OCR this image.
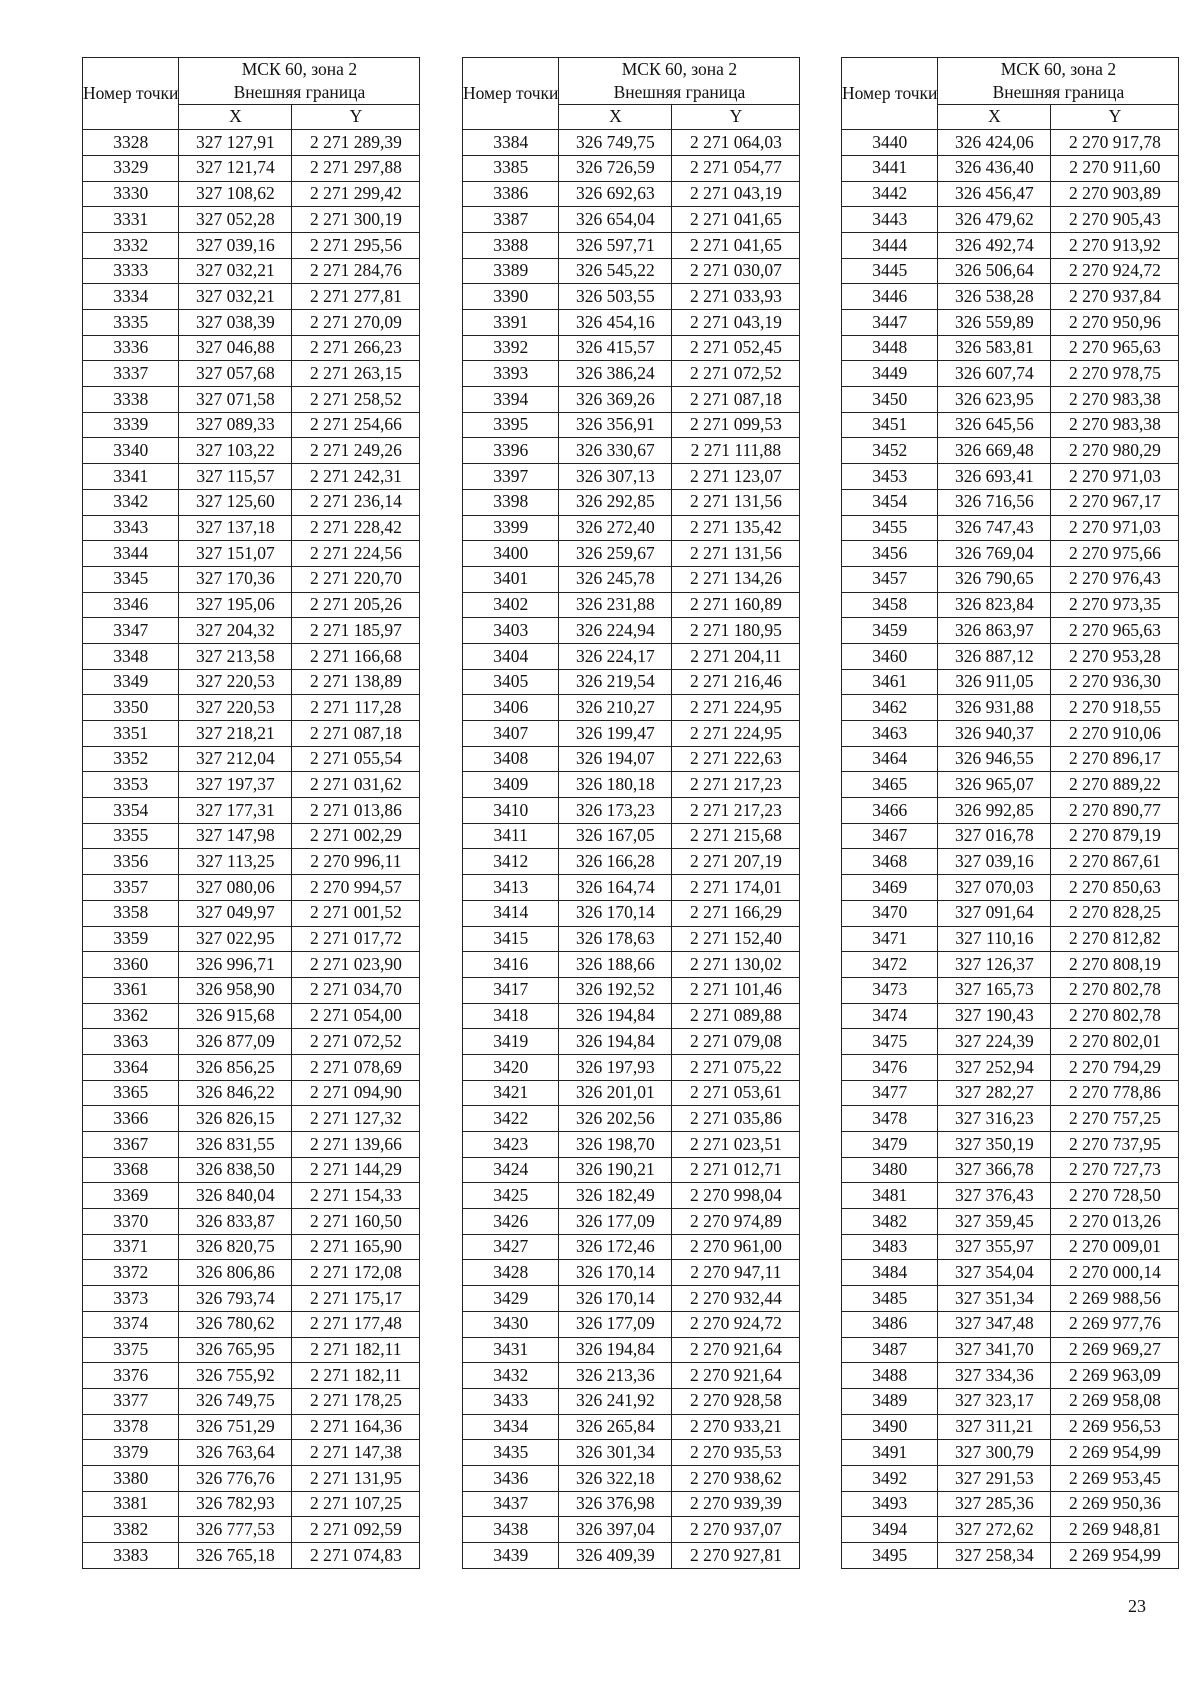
Номер точки	МСК 60, зона 2
Внешняя граница	
	X	Y
3328	327 127,91	2 271 289,39
3329	327 121,74	2 271 297,88
3330	327 108,62	2 271 299,42
3331	327 052,28	2 271 300,19
3332	327 039,16	2 271 295,56
3333	327 032,21	2 271 284,76
3334	327 032,21	2 271 277,81
3335	327 038,39	2 271 270,09
3336	327 046,88	2 271 266,23
3337	327 057,68	2 271 263,15
3338	327 071,58	2 271 258,52
3339	327 089,33	2 271 254,66
3340	327 103,22	2 271 249,26
3341	327 115,57	2 271 242,31
3342	327 125,60	2 271 236,14
3343	327 137,18	2 271 228,42
3344	327 151,07	2 271 224,56
3345	327 170,36	2 271 220,70
3346	327 195,06	2 271 205,26
3347	327 204,32	2 271 185,97
3348	327 213,58	2 271 166,68
3349	327 220,53	2 271 138,89
3350	327 220,53	2 271 117,28
3351	327 218,21	2 271 087,18
3352	327 212,04	2 271 055,54
3353	327 197,37	2 271 031,62
3354	327 177,31	2 271 013,86
3355	327 147,98	2 271 002,29
3356	327 113,25	2 270 996,11
3357	327 080,06	2 270 994,57
3358	327 049,97	2 271 001,52
3359	327 022,95	2 271 017,72
3360	326 996,71	2 271 023,90
3361	326 958,90	2 271 034,70
3362	326 915,68	2 271 054,00
3363	326 877,09	2 271 072,52
3364	326 856,25	2 271 078,69
3365	326 846,22	2 271 094,90
3366	326 826,15	2 271 127,32
3367	326 831,55	2 271 139,66
3368	326 838,50	2 271 144,29
3369	326 840,04	2 271 154,33
3370	326 833,87	2 271 160,50
3371	326 820,75	2 271 165,90
3372	326 806,86	2 271 172,08
3373	326 793,74	2 271 175,17
3374	326 780,62	2 271 177,48
3375	326 765,95	2 271 182,11
3376	326 755,92	2 271 182,11
3377	326 749,75	2 271 178,25
3378	326 751,29	2 271 164,36
3379	326 763,64	2 271 147,38
3380	326 776,76	2 271 131,95
3381	326 782,93	2 271 107,25
3382	326 777,53	2 271 092,59
3383	326 765,18	2 271 074,83
Номер точки	МСК 60, зона 2
Внешняя граница	
	X	Y
3384	326 749,75	2 271 064,03
3385	326 726,59	2 271 054,77
3386	326 692,63	2 271 043,19
3387	326 654,04	2 271 041,65
3388	326 597,71	2 271 041,65
3389	326 545,22	2 271 030,07
3390	326 503,55	2 271 033,93
3391	326 454,16	2 271 043,19
3392	326 415,57	2 271 052,45
3393	326 386,24	2 271 072,52
3394	326 369,26	2 271 087,18
3395	326 356,91	2 271 099,53
3396	326 330,67	2 271 111,88
3397	326 307,13	2 271 123,07
3398	326 292,85	2 271 131,56
3399	326 272,40	2 271 135,42
3400	326 259,67	2 271 131,56
3401	326 245,78	2 271 134,26
3402	326 231,88	2 271 160,89
3403	326 224,94	2 271 180,95
3404	326 224,17	2 271 204,11
3405	326 219,54	2 271 216,46
3406	326 210,27	2 271 224,95
3407	326 199,47	2 271 224,95
3408	326 194,07	2 271 222,63
3409	326 180,18	2 271 217,23
3410	326 173,23	2 271 217,23
3411	326 167,05	2 271 215,68
3412	326 166,28	2 271 207,19
3413	326 164,74	2 271 174,01
3414	326 170,14	2 271 166,29
3415	326 178,63	2 271 152,40
3416	326 188,66	2 271 130,02
3417	326 192,52	2 271 101,46
3418	326 194,84	2 271 089,88
3419	326 194,84	2 271 079,08
3420	326 197,93	2 271 075,22
3421	326 201,01	2 271 053,61
3422	326 202,56	2 271 035,86
3423	326 198,70	2 271 023,51
3424	326 190,21	2 271 012,71
3425	326 182,49	2 270 998,04
3426	326 177,09	2 270 974,89
3427	326 172,46	2 270 961,00
3428	326 170,14	2 270 947,11
3429	326 170,14	2 270 932,44
3430	326 177,09	2 270 924,72
3431	326 194,84	2 270 921,64
3432	326 213,36	2 270 921,64
3433	326 241,92	2 270 928,58
3434	326 265,84	2 270 933,21
3435	326 301,34	2 270 935,53
3436	326 322,18	2 270 938,62
3437	326 376,98	2 270 939,39
3438	326 397,04	2 270 937,07
3439	326 409,39	2 270 927,81
Номер точки	МСК 60, зона 2
Внешняя граница	
	X	Y
3440	326 424,06	2 270 917,78
3441	326 436,40	2 270 911,60
3442	326 456,47	2 270 903,89
3443	326 479,62	2 270 905,43
3444	326 492,74	2 270 913,92
3445	326 506,64	2 270 924,72
3446	326 538,28	2 270 937,84
3447	326 559,89	2 270 950,96
3448	326 583,81	2 270 965,63
3449	326 607,74	2 270 978,75
3450	326 623,95	2 270 983,38
3451	326 645,56	2 270 983,38
3452	326 669,48	2 270 980,29
3453	326 693,41	2 270 971,03
3454	326 716,56	2 270 967,17
3455	326 747,43	2 270 971,03
3456	326 769,04	2 270 975,66
3457	326 790,65	2 270 976,43
3458	326 823,84	2 270 973,35
3459	326 863,97	2 270 965,63
3460	326 887,12	2 270 953,28
3461	326 911,05	2 270 936,30
3462	326 931,88	2 270 918,55
3463	326 940,37	2 270 910,06
3464	326 946,55	2 270 896,17
3465	326 965,07	2 270 889,22
3466	326 992,85	2 270 890,77
3467	327 016,78	2 270 879,19
3468	327 039,16	2 270 867,61
3469	327 070,03	2 270 850,63
3470	327 091,64	2 270 828,25
3471	327 110,16	2 270 812,82
3472	327 126,37	2 270 808,19
3473	327 165,73	2 270 802,78
3474	327 190,43	2 270 802,78
3475	327 224,39	2 270 802,01
3476	327 252,94	2 270 794,29
3477	327 282,27	2 270 778,86
3478	327 316,23	2 270 757,25
3479	327 350,19	2 270 737,95
3480	327 366,78	2 270 727,73
3481	327 376,43	2 270 728,50
3482	327 359,45	2 270 013,26
3483	327 355,97	2 270 009,01
3484	327 354,04	2 270 000,14
3485	327 351,34	2 269 988,56
3486	327 347,48	2 269 977,76
3487	327 341,70	2 269 969,27
3488	327 334,36	2 269 963,09
3489	327 323,17	2 269 958,08
3490	327 311,21	2 269 956,53
3491	327 300,79	2 269 954,99
3492	327 291,53	2 269 953,45
3493	327 285,36	2 269 950,36
3494	327 272,62	2 269 948,81
3495	327 258,34	2 269 954,99
23
